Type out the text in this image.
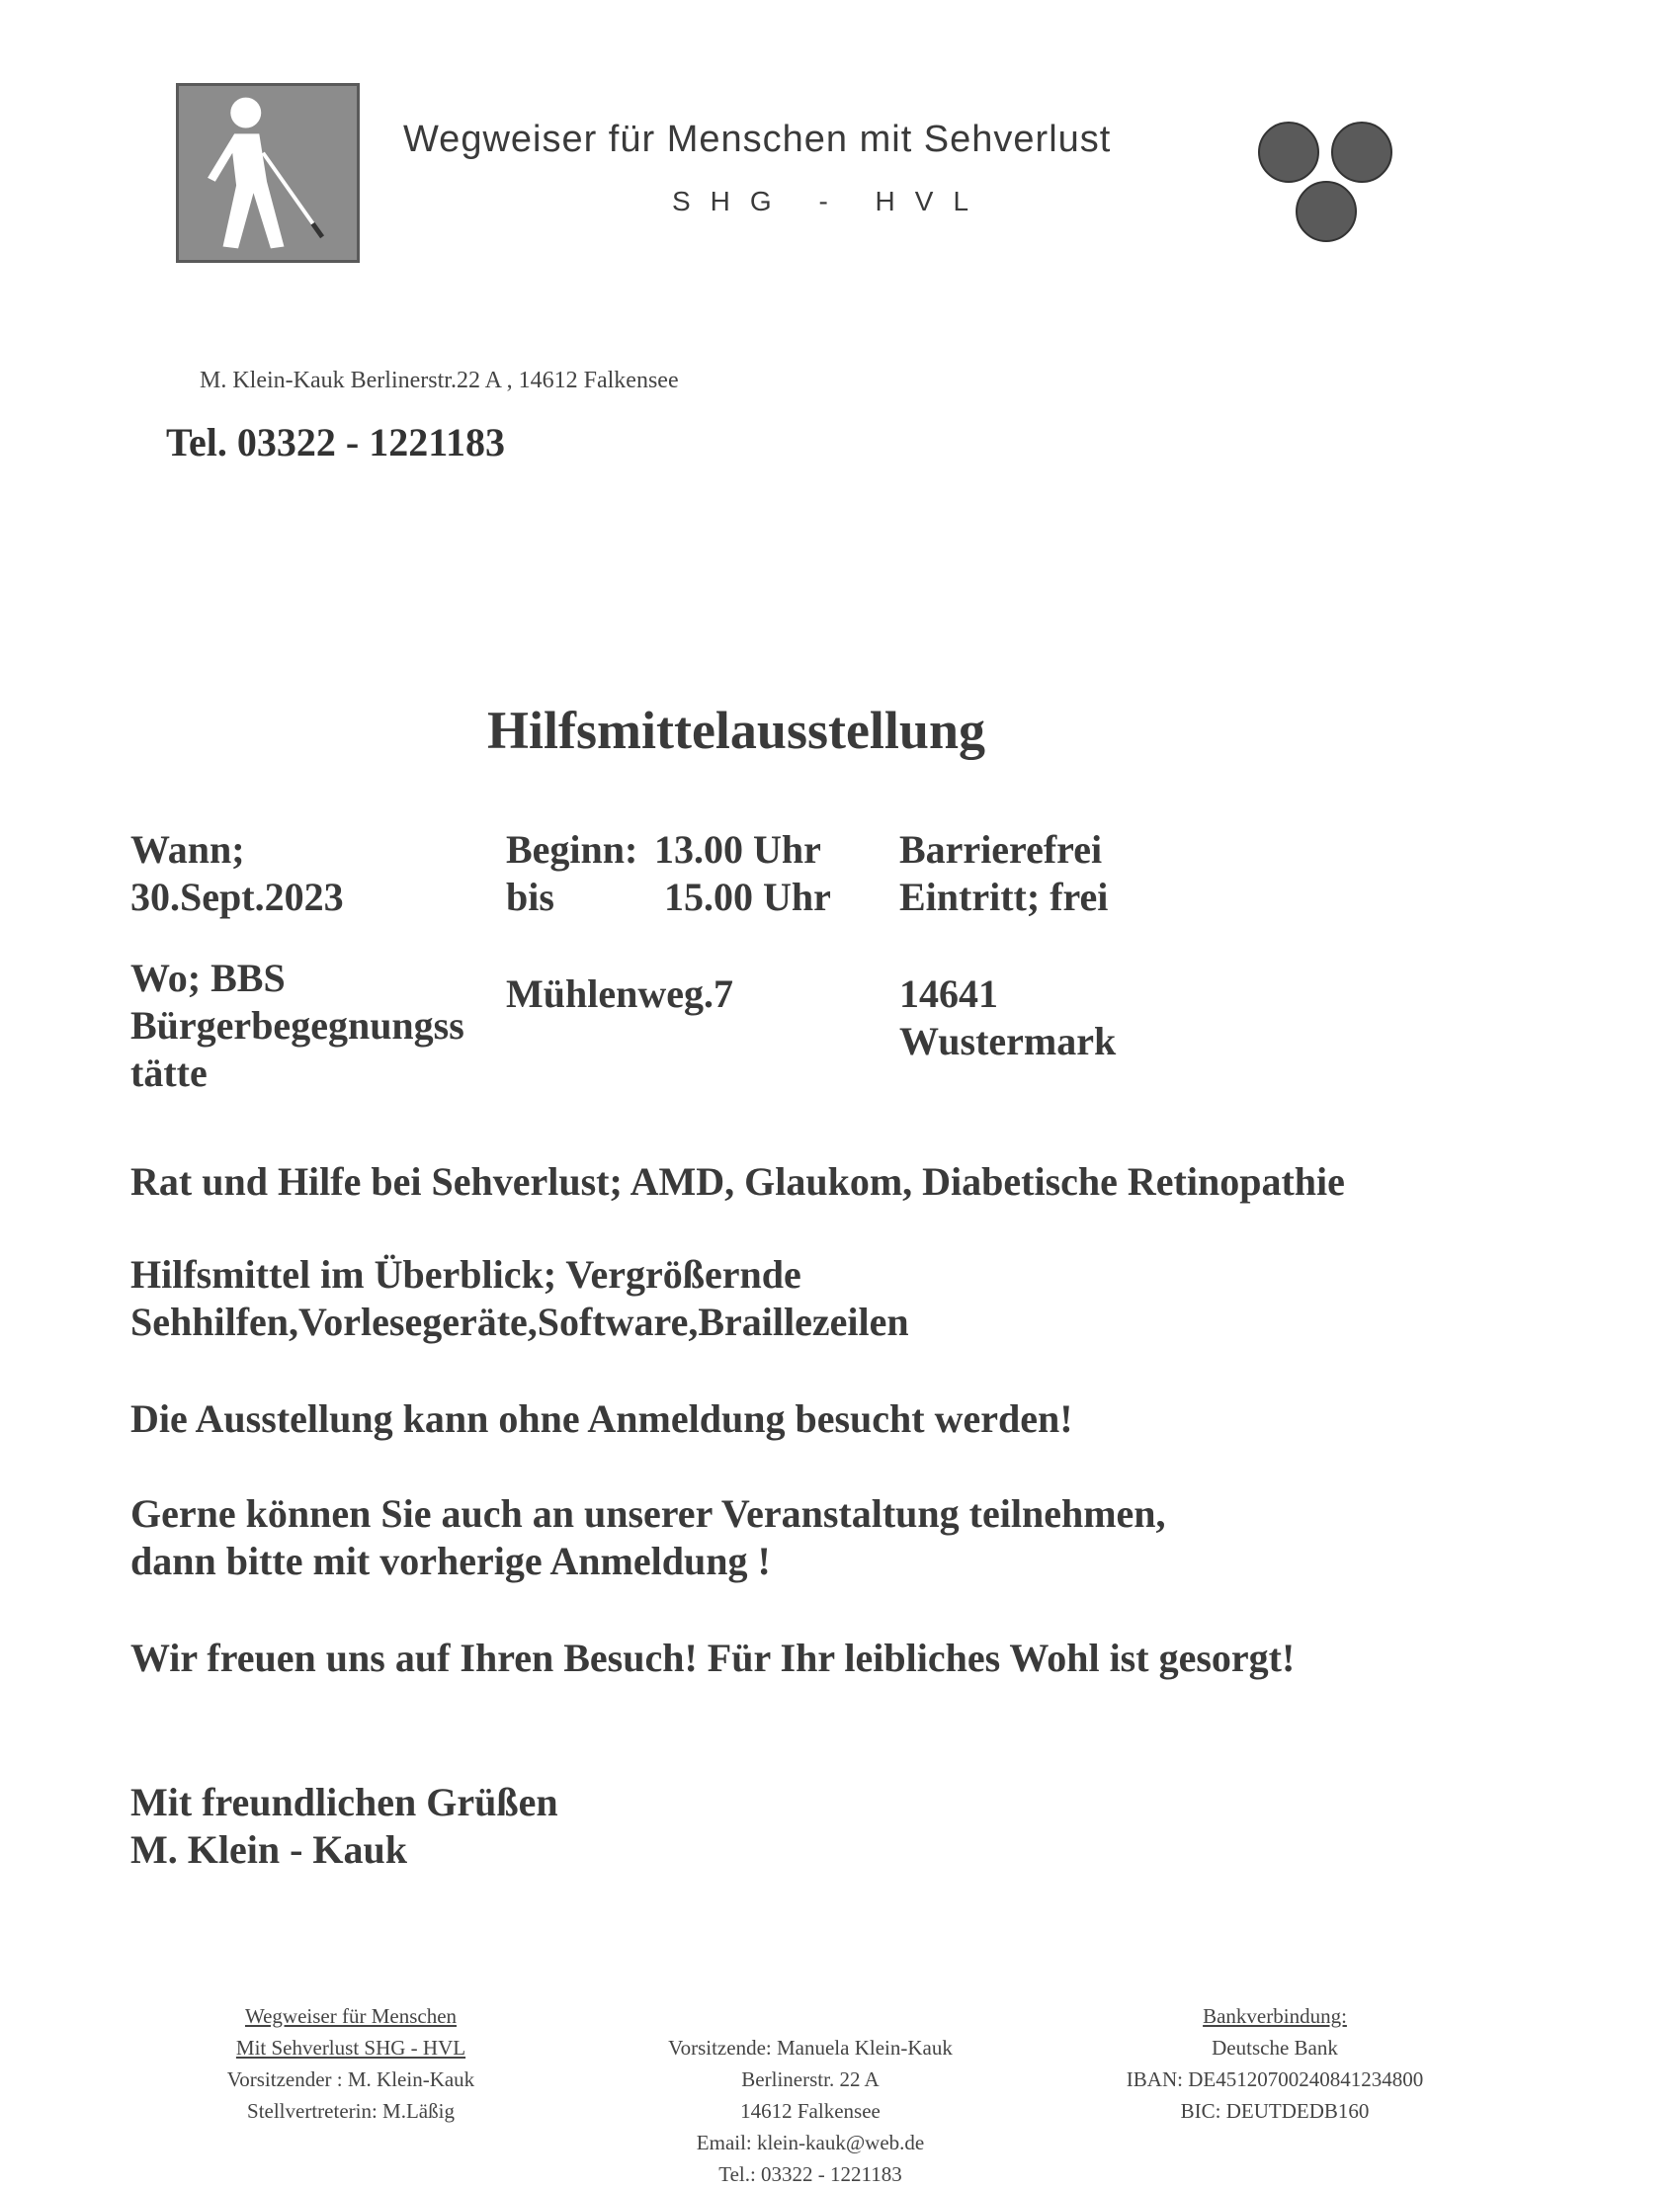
Wegweiser für Menschen mit Sehverlust
SHG - HVL
M. Klein-Kauk Berlinerstr.22 A , 14612 Falkensee
Tel. 03322 - 1221183
Hilfsmittelausstellung
Wann;
30.Sept.2023
Beginn: 13.00 Uhr
bis	15.00 Uhr
Barrierefrei
Eintritt; frei
Wo; BBS
Bürgerbegegnungss
tätte
Mühlenweg.7	14641
Wustermark
Rat und Hilfe bei Sehverlust; AMD, Glaukom, Diabetische Retinopathie
Hilfsmittel im Überblick; Vergrößernde
Sehhilfen,Vorlesegeräte,Software,Braillezeilen
Die Ausstellung kann ohne Anmeldung besucht werden!
Gerne können Sie auch an unserer Veranstaltung teilnehmen,
dann bitte mit vorherige Anmeldung !
Wir freuen uns auf Ihren Besuch! Für Ihr leibliches Wohl ist gesorgt!
Mit freundlichen Grüßen
M. Klein - Kauk
Wegweiser für Menschen
Mit Sehverlust SHG - HVL
Vorsitzender : M. Klein-Kauk
Stellvertreterin: M.Läßig
Vorsitzende: Manuela Klein-Kauk
Berlinerstr. 22 A
14612 Falkensee
Email: klein-kauk@web.de
Tel.: 03322 - 1221183
Bankverbindung:
Deutsche Bank
IBAN: DE45120700240841234800
BIC: DEUTDEDB160
